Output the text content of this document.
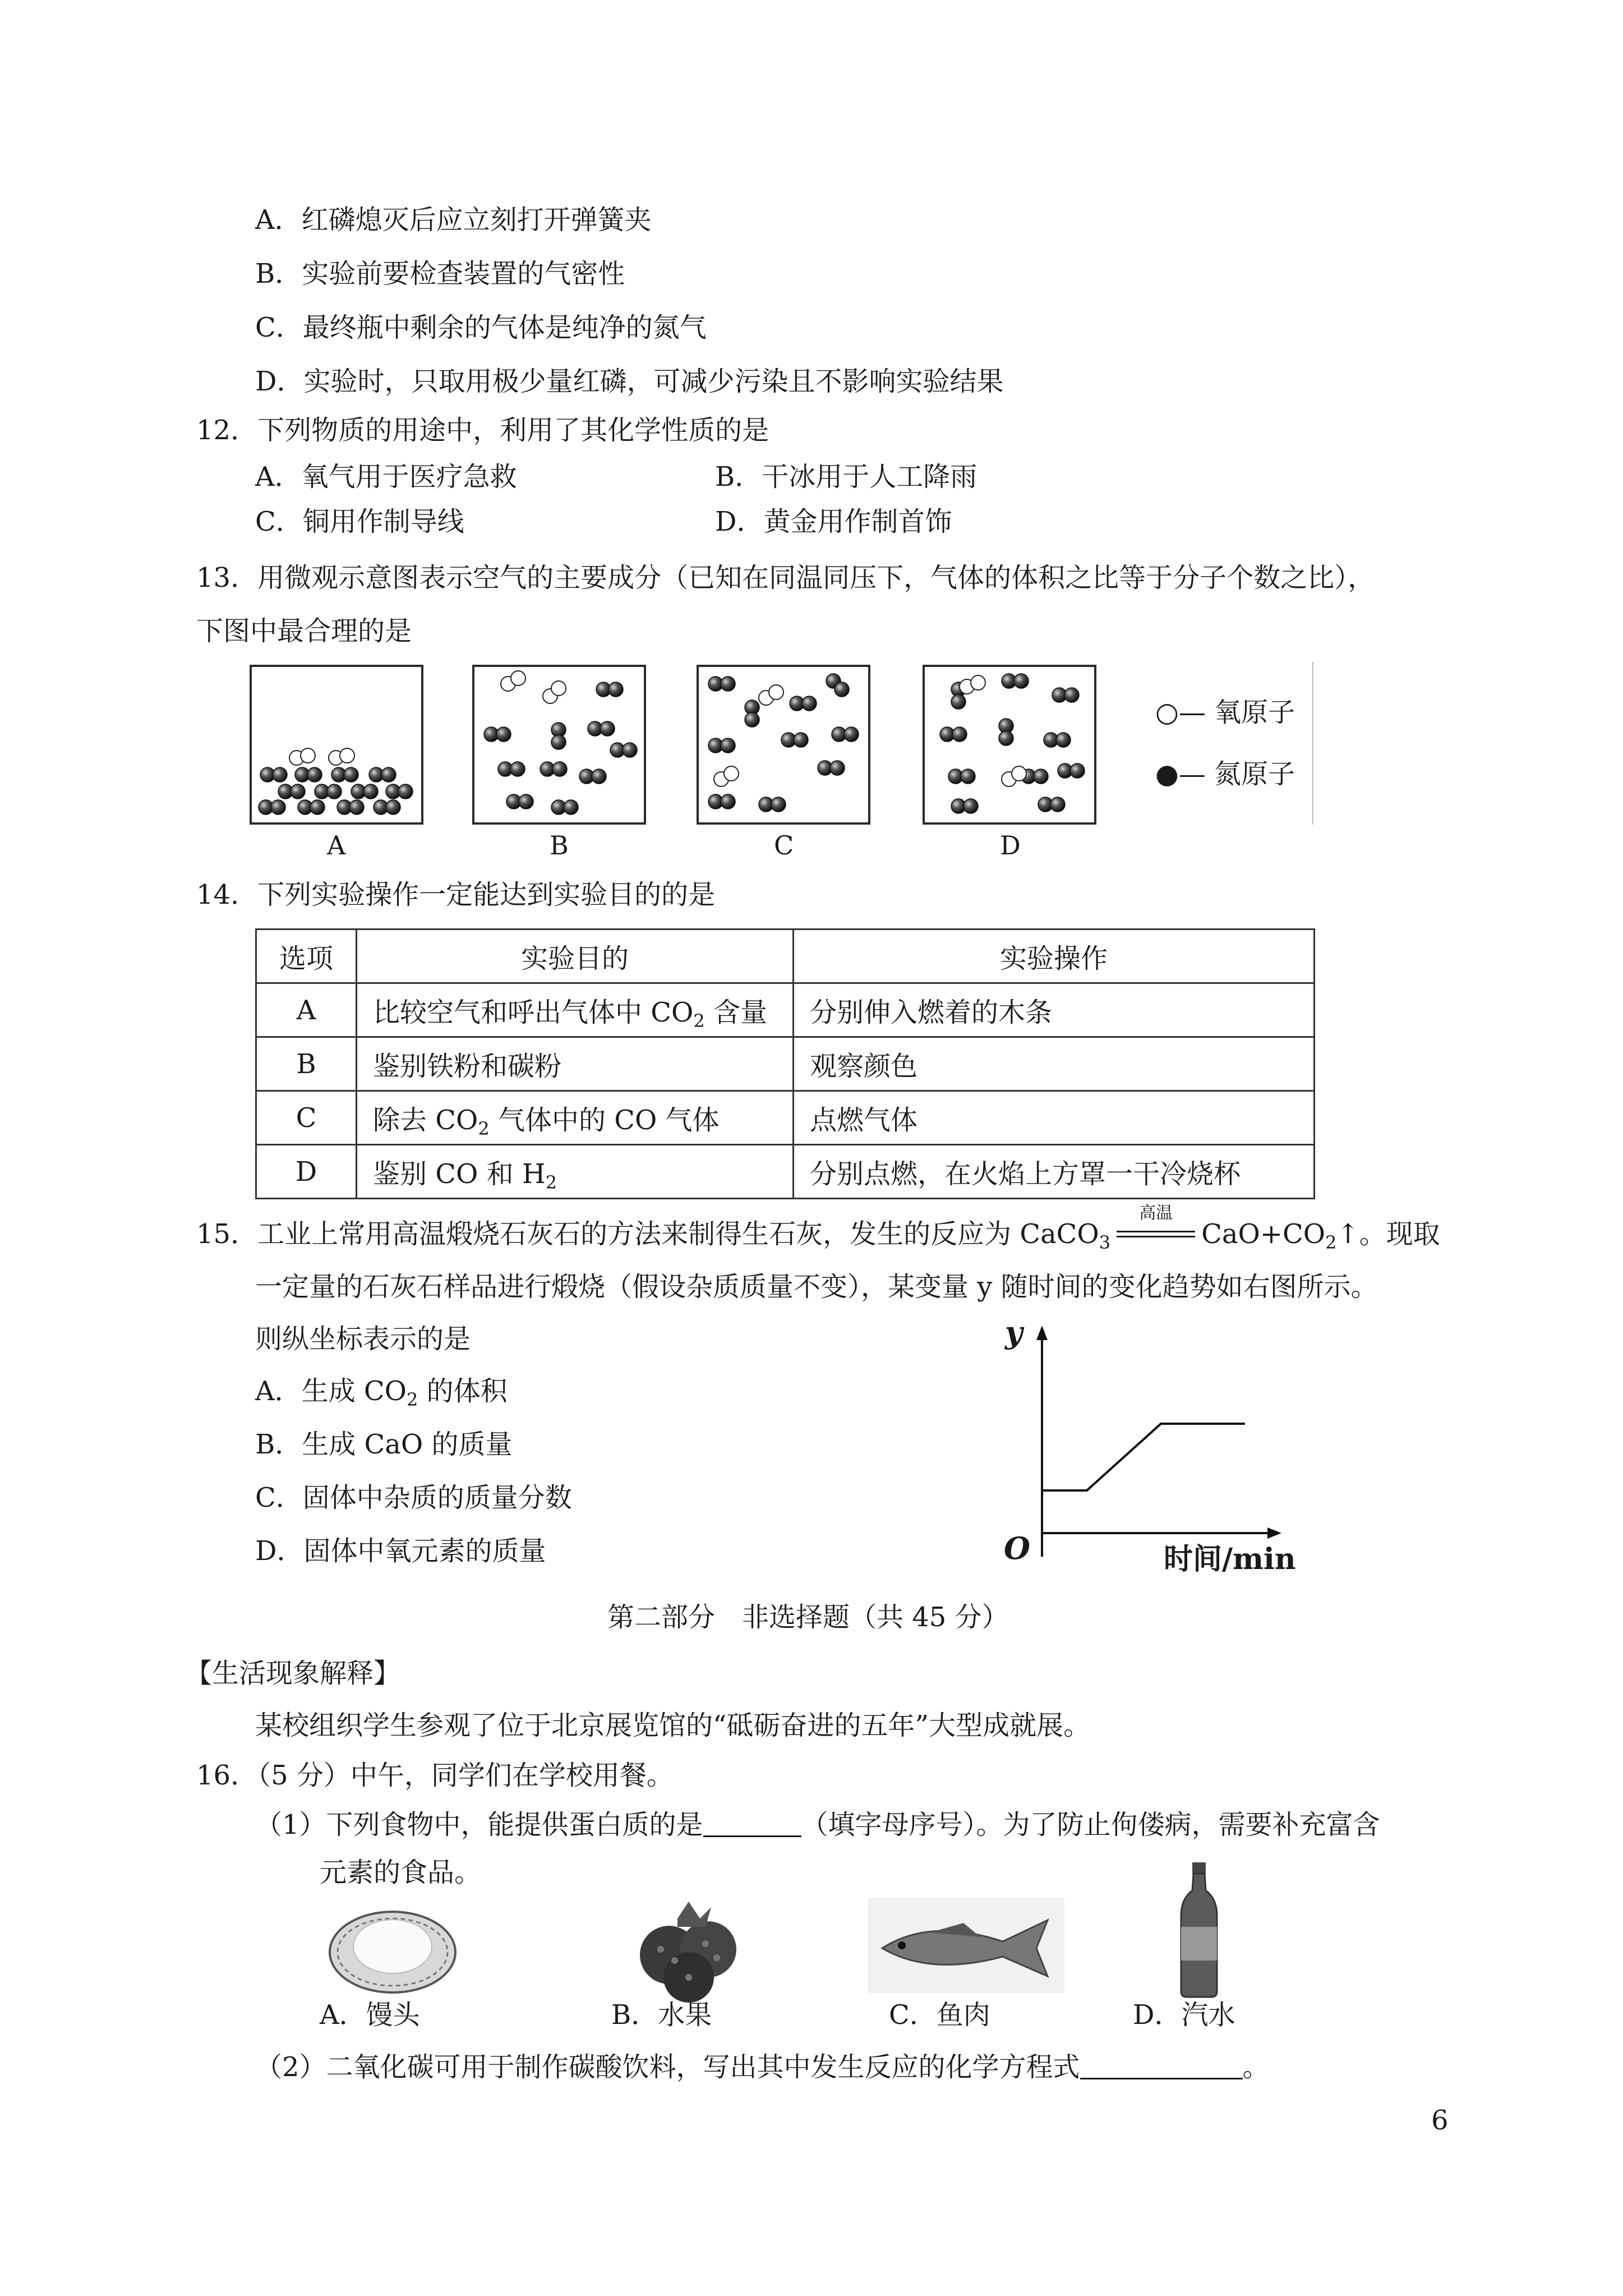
A．红磷熄灭后应立刻打开弹簧夹
B．实验前要检查装置的气密性
C．最终瓶中剩余的气体是纯净的氮气
D．实验时，只取用极少量红磷，可减少污染且不影响实验结果
12．下列物质的用途中，利用了其化学性质的是
A．氧气用于医疗急救	B．干冰用于人工降雨
C．铜用作制导线	D．黄金用作制首饰
13．用微观示意图表示空气的主要成分（已知在同温同压下，气体的体积之比等于分子个数之比），
下图中最合理的是
A	B	C	D
○— 氧原子
●— 氮原子
14．下列实验操作一定能达到实验目的的是
选项	实验目的	实验操作
A	比较空气和呼出气体中 $CO_2$ 含量	分别伸入燃着的木条
B	鉴别铁粉和碳粉	观察颜色
C	除去 $CO_2$ 气体中的 CO 气体	点燃气体
D	鉴别 CO 和 $H_2$	分别点燃，在火焰上方罩一干冷烧杯
15．工业上常用高温煅烧石灰石的方法来制得生石灰，发生的反应为 CaCO$_3$
高温
$CaO+CO_2↑$。现取
一定量的石灰石样品进行煅烧（假设杂质质量不变），某变量 y 随时间的变化趋势如右图所示。
则纵坐标表示的是
A．生成 $CO_2$ 的体积
B．生成 CaO 的质量
C．固体中杂质的质量分数
D．固体中氧元素的质量
y
O	时间/min
第二部分　非选择题（共 45 分）
【生活现象解释】
某校组织学生参观了位于北京展览馆的“砥砺奋进的五年”大型成就展。
16．（5 分）中午，同学们在学校用餐。
（1）下列食物中，能提供蛋白质的是	（填字母序号）。为了防止佝偻病，需要补充富含
元素的食品。
A．馒头	B．水果	C．鱼肉	D．汽水
（2）二氧化碳可用于制作碳酸饮料，写出其中发生反应的化学方程式	。
6
